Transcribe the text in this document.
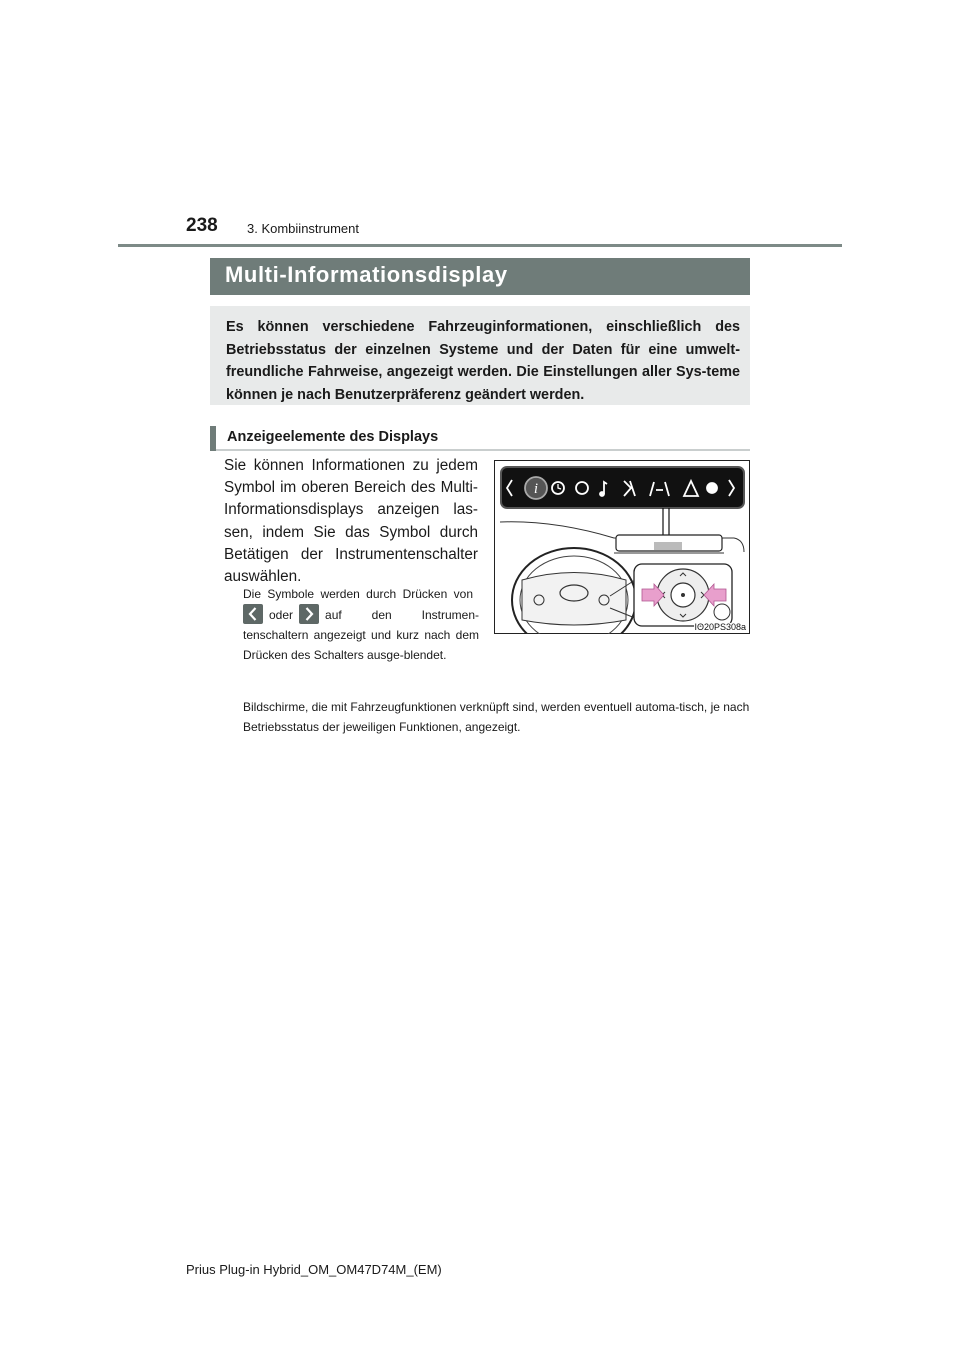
238 3. Kombiinstrument
Multi-Informationsdisplay
Es können verschiedene Fahrzeuginformationen, einschließlich des Betriebsstatus der einzelnen Systeme und der Daten für eine umwelt-freundliche Fahrweise, angezeigt werden. Die Einstellungen aller Sys-teme können je nach Benutzerpräferenz geändert werden.
Anzeigeelemente des Displays
Sie können Informationen zu jedem Symbol im oberen Bereich des Multi-Informationsdisplays anzeigen las-sen, indem Sie das Symbol durch Betätigen der Instrumentenschalter auswählen.
Die Symbole werden durch Drücken vonoder	auf den Instrumen-tenschaltern angezeigt und kurz nach dem Drücken des Schalters ausge-blendet.
Bildschirme, die mit Fahrzeugfunktionen verknüpft sind, werden eventuell automa-tisch, je nach Betriebsstatus der jeweiligen Funktionen, angezeigt.
i
IO20PS308a
Prius Plug-in Hybrid_OM_OM47D74M_(EM)
